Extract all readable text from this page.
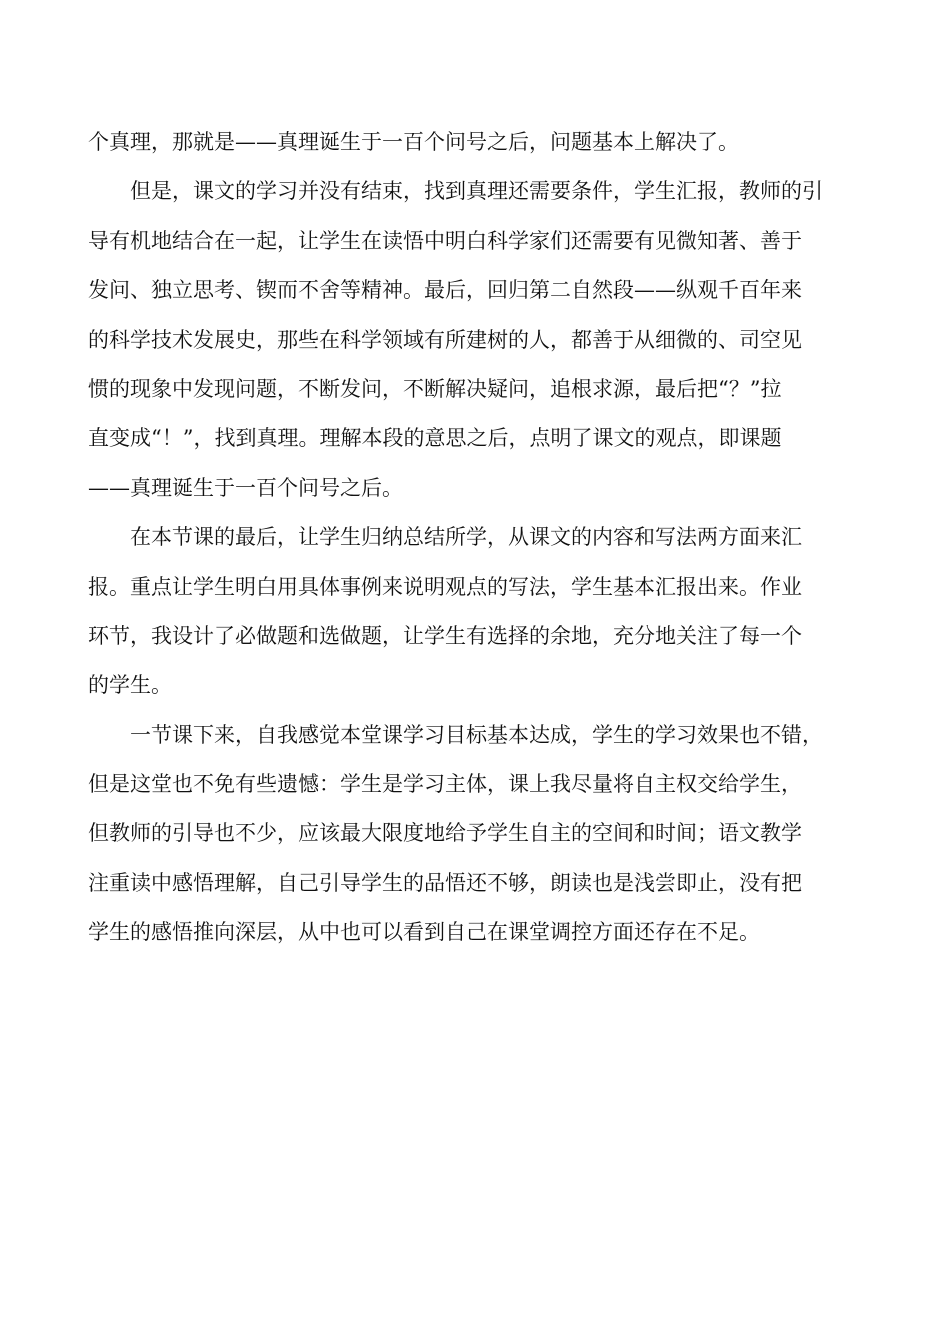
个真理，那就是——真理诞生于一百个问号之后，问题基本上解决了。
但是，课文的学习并没有结束，找到真理还需要条件，学生汇报，教师的引
导有机地结合在一起，让学生在读悟中明白科学家们还需要有见微知著、善于
发问、独立思考、锲而不舍等精神。最后，回归第二自然段——纵观千百年来
的科学技术发展史，那些在科学领域有所建树的人，都善于从细微的、司空见
惯的现象中发现问题，不断发问，不断解决疑问，追根求源，最后把“？”拉
直变成“！”，找到真理。理解本段的意思之后，点明了课文的观点，即课题
——真理诞生于一百个问号之后。
在本节课的最后，让学生归纳总结所学，从课文的内容和写法两方面来汇
报。重点让学生明白用具体事例来说明观点的写法，学生基本汇报出来。作业
环节，我设计了必做题和选做题，让学生有选择的余地，充分地关注了每一个
的学生。
一节课下来，自我感觉本堂课学习目标基本达成，学生的学习效果也不错，
但是这堂也不免有些遗憾：学生是学习主体，课上我尽量将自主权交给学生，
但教师的引导也不少，应该最大限度地给予学生自主的空间和时间；语文教学
注重读中感悟理解，自己引导学生的品悟还不够，朗读也是浅尝即止，没有把
学生的感悟推向深层，从中也可以看到自己在课堂调控方面还存在不足。
